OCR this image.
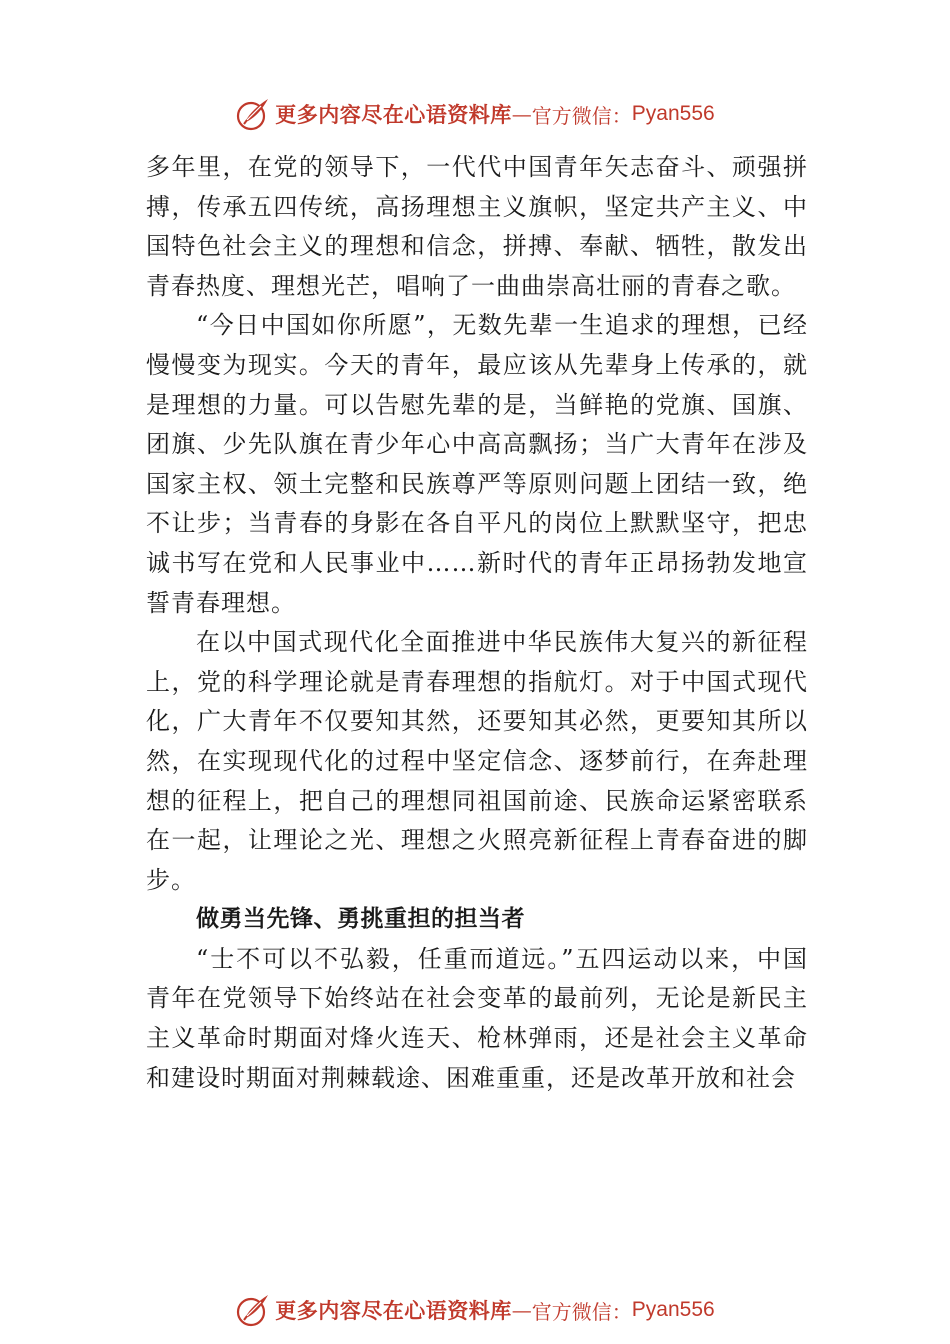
更多内容尽在心语资料库 — 官方微信： Pyan556

多年里，在党的领导下，一代代中国青年矢志奋斗、顽强拼搏，传承五四传统，高扬理想主义旗帜，坚定共产主义、中国特色社会主义的理想和信念，拼搏、奉献、牺牲，散发出青春热度、理想光芒，唱响了一曲曲崇高壮丽的青春之歌。

“今日中国如你所愿”，无数先辈一生追求的理想，已经慢慢变为现实。今天的青年，最应该从先辈身上传承的，就是理想的力量。可以告慰先辈的是，当鲜艳的党旗、国旗、 团旗、少先队旗在青少年心中高高飘扬；当广大青年在涉及国家主权、领土完整和民族尊严等原则问题上团结一致，绝不让步；当青春的身影在各自平凡的岗位上默默坚守，把忠诚书写在党和人民事业中……新时代的青年正昂扬勃发地宣誓青春理想。

在以中国式现代化全面推进中华民族伟大复兴的新征程上，党的科学理论就是青春理想的指航灯。对于中国式现代化，广大青年不仅要知其然，还要知其必然，更要知其所以然，在实现现代化的过程中坚定信念、逐梦前行，在奔赴理想的征程上，把自己的理想同祖国前途、民族命运紧密联系在一起，让理论之光、理想之火照亮新征程上青春奋进的脚步。

做勇当先锋、勇挑重担的担当者

“士不可以不弘毅，任重而道远。”五四运动以来，中国青年在党领导下始终站在社会变革的最前列，无论是新民主主义革命时期面对烽火连天、枪林弹雨，还是社会主义革命和建设时期面对荆棘载途、困难重重，还是改革开放和社会

更多内容尽在心语资料库 — 官方微信： Pyan556
